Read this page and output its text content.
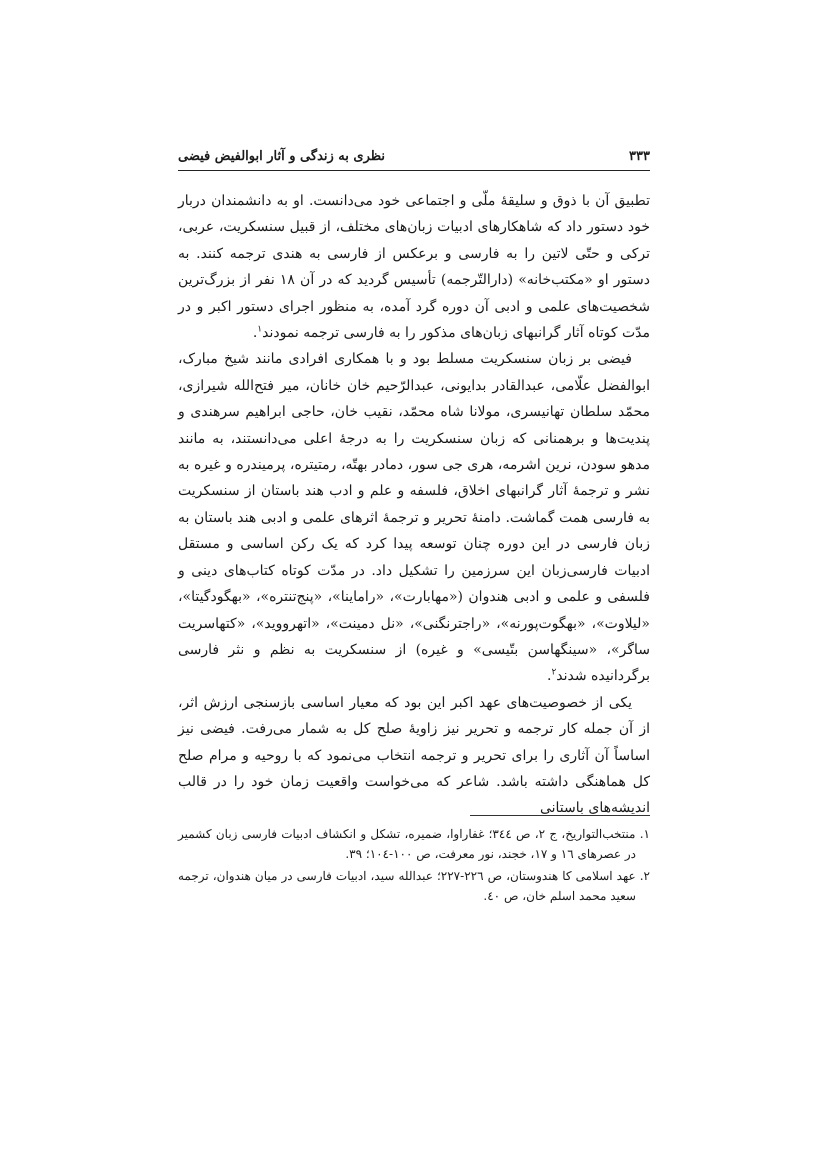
۳۳۳
نظری به زندگی و آثار ابوالفیض فیضی

تطبیق آن با ذوق و سلیقهٔ ملّی و اجتماعی خود می‌دانست. او به دانشمندان دربار خود دستور داد که شاهکارهای ادبیات زبان‌های مختلف، از قبیل سنسکریت، عربی، ترکی و حتّی لاتین را به فارسی و برعکس از فارسی به هندی ترجمه کنند. به دستور او «مکتب‌خانه» (دارالتّرجمه) تأسیس گردید که در آن ۱۸ نفر از بزرگ‌ترین شخصیت‌های علمی و ادبی آن دوره گرد آمده، به منظور اجرای دستور اکبر و در مدّت کوتاه آثار گرانبهای زبان‌های مذکور را به فارسی ترجمه نمودند$^۱$.

فیضی بر زبان سنسکریت مسلط بود و با همکاری افرادی مانند شیخ مبارک، ابوالفضل علّامی، عبدالقادر بدایونی، عبدالرّحیم خان خانان، میر فتح‌الله شیرازی، محمّد سلطان تهانیسری، مولانا شاه محمّد، نقیب خان، حاجی ابراهیم سرهندی و پندیت‌ها و برهمنانی که زبان سنسکریت را به درجهٔ اعلی می‌دانستند، به مانند مدهو سودن، نرین اشرمه، هری جی سور، دمادر بهتّه، رمتیتره، پرمیندره و غیره به نشر و ترجمهٔ آثار گرانبهای اخلاق، فلسفه و علم و ادب هند باستان از سنسکریت به فارسی همت گماشت. دامنهٔ تحریر و ترجمهٔ اثرهای علمی و ادبی هند باستان به زبان فارسی در این دوره چنان توسعه پیدا کرد که یک رکن اساسی و مستقل ادبیات فارسی‌زبان این سرزمین را تشکیل داد. در مدّت کوتاه کتاب‌های دینی و فلسفی و علمی و ادبی هندوان («مهابارت»، «راماینا»، «پنج‌تنتره»، «بهگودگیتا»، «لیلاوت»، «بهگوت‌پورنه»، «راجترنگنی»، «نل دمینت»، «اتهرووید»، «کتهاسریت ساگر»، «سینگهاسن بتّیسی» و غیره) از سنسکریت به نظم و نثر فارسی برگردانیده شدند$^۲$.

یکی از خصوصیت‌های عهد اکبر این بود که معیار اساسی بازسنجی ارزش اثر، از آن جمله کار ترجمه و تحریر نیز زاویهٔ صلح کل به شمار می‌رفت. فیضی نیز اساساً آن آثاری را برای تحریر و ترجمه انتخاب می‌نمود که با روحیه و مرام صلح کل هماهنگی داشته باشد. شاعر که می‌خواست واقعیت زمان خود را در قالب اندیشه‌های باستانی

۱. منتخب‌التواریخ، ج ۲، ص ۳٤٤؛ غفاراوا، ضمیره، تشکل و انکشاف ادبیات فارسی زبان کشمیر در عصرهای ۱٦ و ۱۷، خجند، نور معرفت، ص ۱۰۰-۱۰٤؛ ۳۹.

۲. عهد اسلامی کا هندوستان، ص ۲۲٦-۲۲۷؛ عبدالله سید، ادبیات فارسی در میان هندوان، ترجمه سعید محمد اسلم خان، ص ٤۰.
